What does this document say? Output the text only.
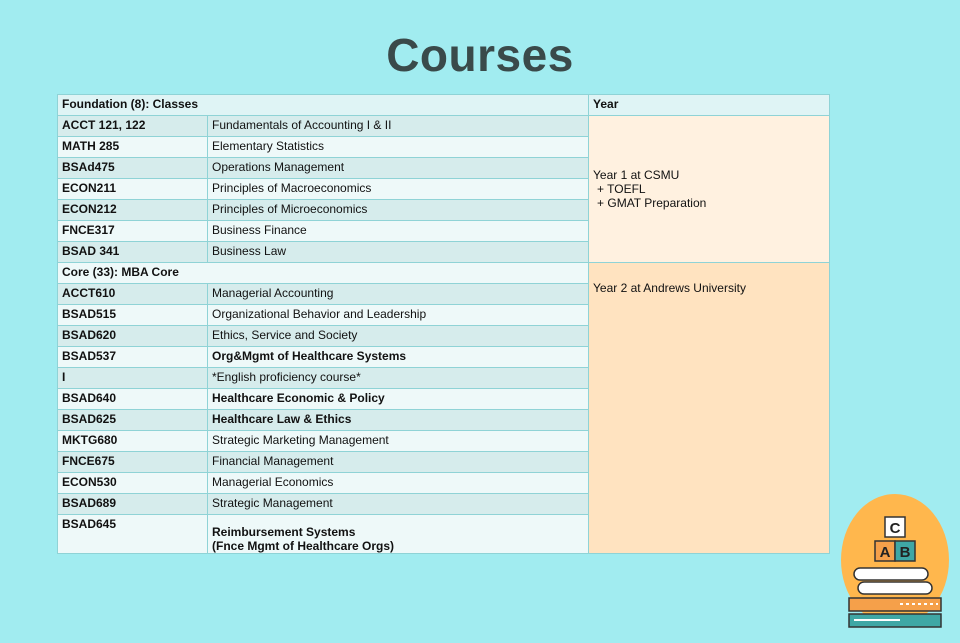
Courses
Foundation (8): Classes		Year
ACCT 121, 122	Fundamentals of Accounting I & II	Year 1 at CSMU
+ TOEFL
+ GMAT Preparation

MATH 285	Elementary Statistics	
BSAd475	Operations Management	
ECON211	Principles of Macroeconomics	
ECON212	Principles of Microeconomics	
FNCE317	Business Finance	
BSAD 341	Business Law	
Core (33): MBA Core		Year 2 at Andrews University

ACCT610	Managerial Accounting	
BSAD515	Organizational Behavior and Leadership	
BSAD620	Ethics, Service and Society	
BSAD537	Org&Mgmt of Healthcare Systems	
I	*English proficiency course*	
BSAD640	Healthcare Economic & Policy	
BSAD625	Healthcare Law & Ethics	
MKTG680	Strategic Marketing Management	
FNCE675	Financial Management	
ECON530	Managerial Economics	
BSAD689	Strategic Management	
BSAD645	Reimbursement Systems
(Fnce Mgmt of Healthcare Orgs)	
C
A B
